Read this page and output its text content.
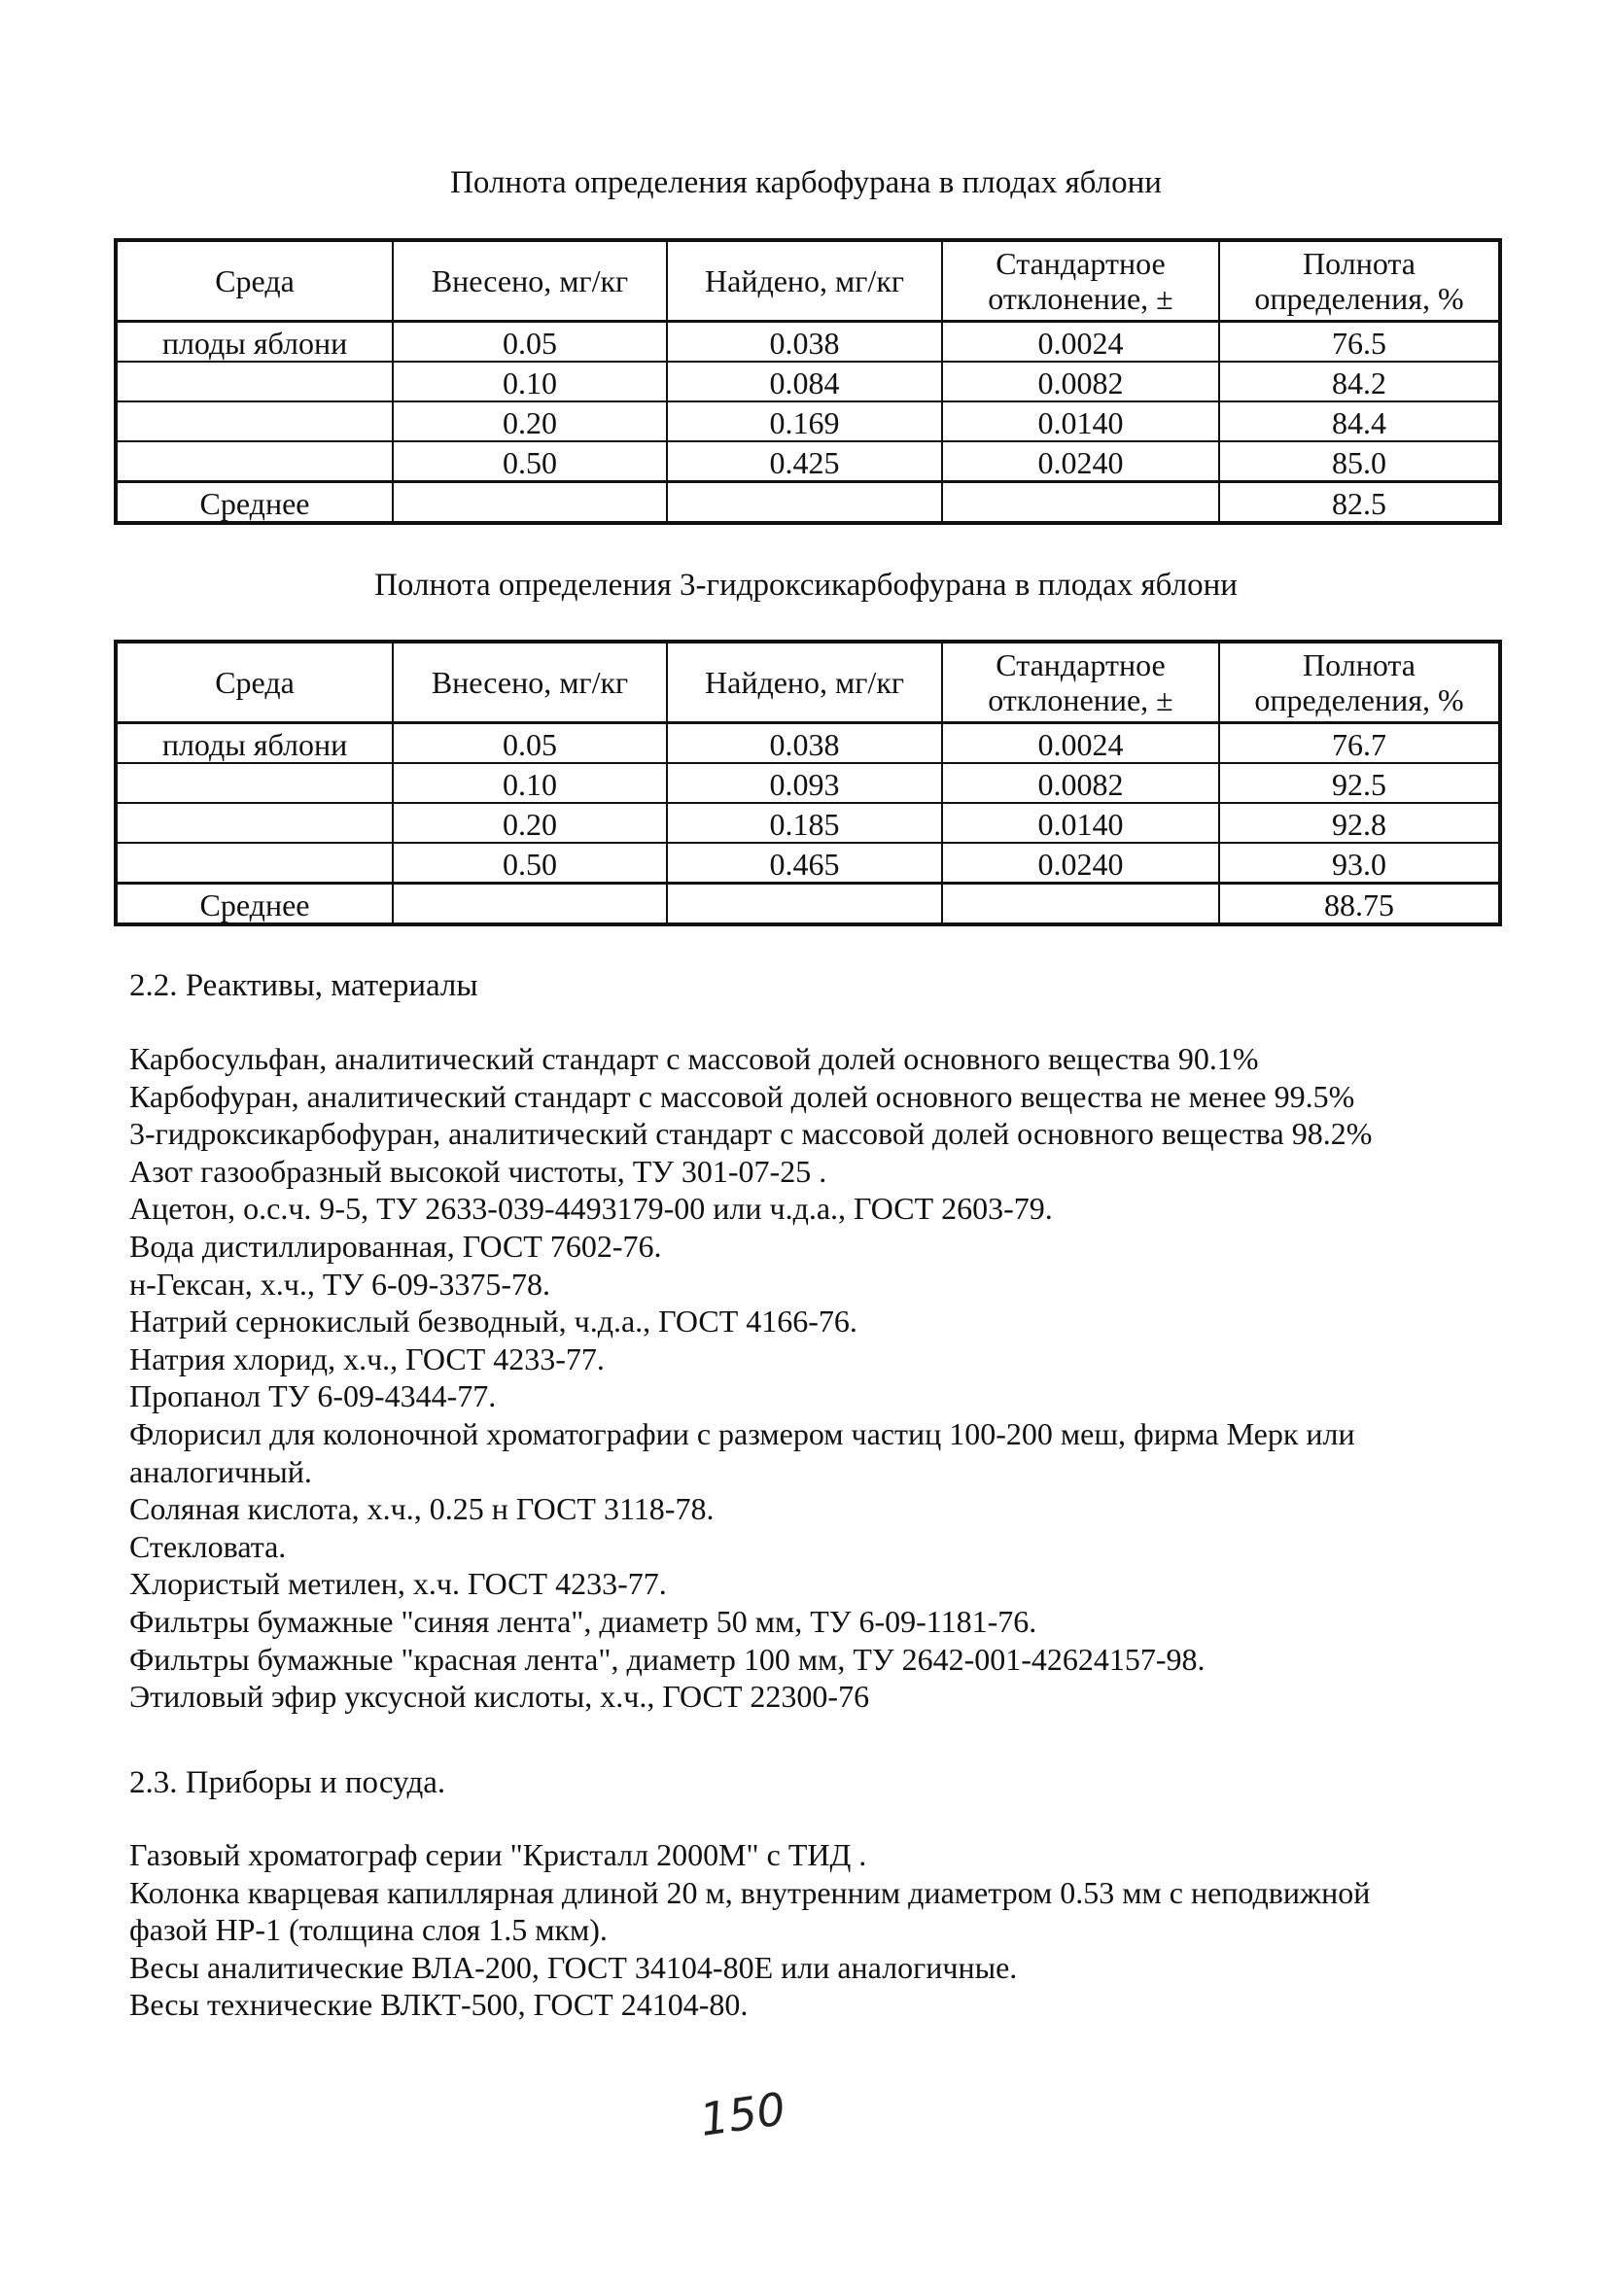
Полнота определения карбофурана в плодах яблони
Среда	Внесено, мг/кг	Найдено, мг/кг	Стандартное отклонение, ±	Полнота определения, %
плоды яблони	0.05	0.038	0.0024	76.5
	0.10	0.084	0.0082	84.2
	0.20	0.169	0.0140	84.4
	0.50	0.425	0.0240	85.0
Среднее				82.5
Полнота определения 3-гидроксикарбофурана в плодах яблони
Среда	Внесено, мг/кг	Найдено, мг/кг	Стандартное отклонение, ±	Полнота определения, %
плоды яблони	0.05	0.038	0.0024	76.7
	0.10	0.093	0.0082	92.5
	0.20	0.185	0.0140	92.8
	0.50	0.465	0.0240	93.0
Среднее				88.75
2.2. Реактивы, материалы
Карбосульфан, аналитический стандарт с массовой долей основного вещества 90.1%
Карбофуран, аналитический стандарт с массовой долей основного вещества не менее 99.5%
3-гидроксикарбофуран, аналитический стандарт с массовой долей основного вещества 98.2%
Азот газообразный высокой чистоты, ТУ 301-07-25 .
Ацетон, о.с.ч. 9-5, ТУ 2633-039-4493179-00 или ч.д.а., ГОСТ 2603-79.
Вода дистиллированная, ГОСТ 7602-76.
н-Гексан, х.ч., ТУ 6-09-3375-78.
Натрий сернокислый безводный, ч.д.а., ГОСТ 4166-76.
Натрия хлорид, х.ч., ГОСТ 4233-77.
Пропанол ТУ 6-09-4344-77.
Флорисил для колоночной хроматографии с размером частиц 100-200 меш, фирма Мерк или
аналогичный.
Соляная кислота, х.ч., 0.25 н ГОСТ 3118-78.
Стекловата.
Хлористый метилен, х.ч. ГОСТ 4233-77.
Фильтры бумажные "синяя лента", диаметр 50 мм, ТУ 6-09-1181-76.
Фильтры бумажные "красная лента", диаметр 100 мм, ТУ 2642-001-42624157-98.
Этиловый эфир уксусной кислоты, х.ч., ГОСТ 22300-76
2.3. Приборы и посуда.
Газовый хроматограф серии "Кристалл 2000М" с ТИД .
Колонка кварцевая капиллярная длиной 20 м, внутренним диаметром 0.53 мм с неподвижной
фазой НР-1 (толщина слоя 1.5 мкм).
Весы аналитические ВЛА-200, ГОСТ 34104-80Е или аналогичные.
Весы технические ВЛКТ-500, ГОСТ 24104-80.
150
